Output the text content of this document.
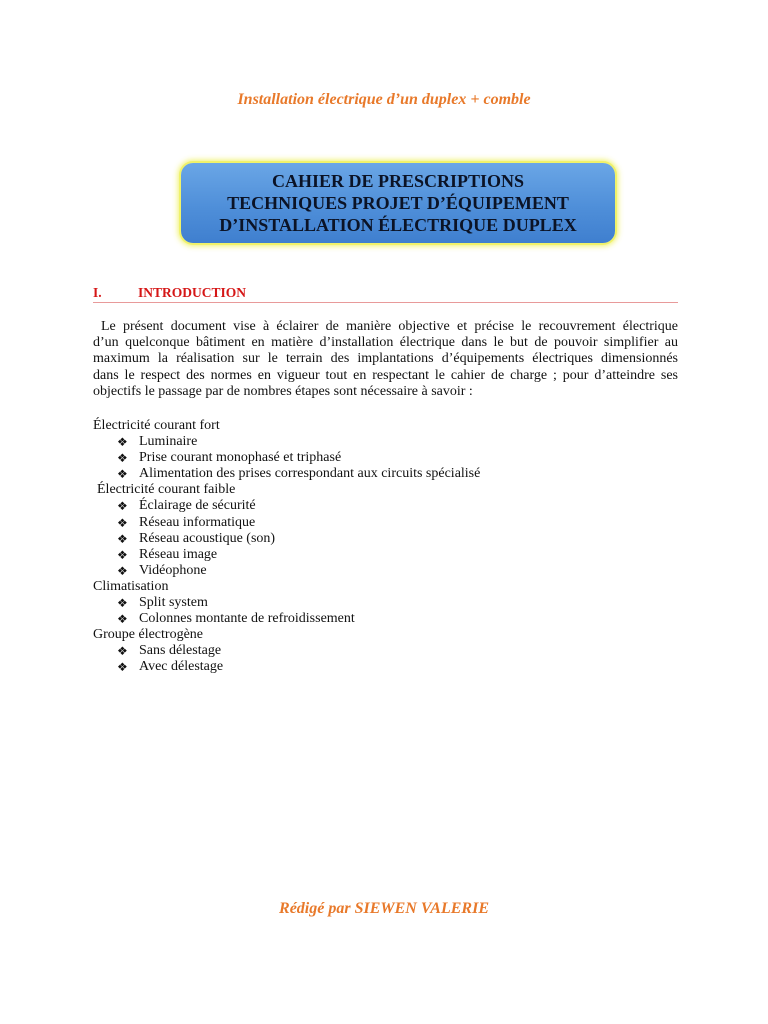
Installation électrique d’un duplex + comble
CAHIER DE PRESCRIPTIONS
TECHNIQUES PROJET D’ÉQUIPEMENT
D’INSTALLATION ÉLECTRIQUE DUPLEX
I.	INTRODUCTION
Le présent document vise à éclairer de manière objective et précise le recouvrement électrique
d’un quelconque bâtiment en matière d’installation électrique dans le but de pouvoir simplifier au
maximum la réalisation sur le terrain des implantations d’équipements électriques dimensionnés
dans le respect des normes en vigueur tout en respectant le cahier de charge ; pour d’atteindre ses
objectifs le passage par de nombres étapes sont nécessaire à savoir :
Électricité courant fort
❖ Luminaire
❖ Prise courant monophasé et triphasé
❖ Alimentation des prises correspondant aux circuits spécialisé
Électricité courant faible
❖ Éclairage de sécurité
❖ Réseau informatique
❖ Réseau acoustique (son)
❖ Réseau image
❖ Vidéophone
Climatisation
❖ Split system
❖ Colonnes montante de refroidissement
Groupe électrogène
❖ Sans délestage
❖ Avec délestage
Rédigé par SIEWEN VALERIE
